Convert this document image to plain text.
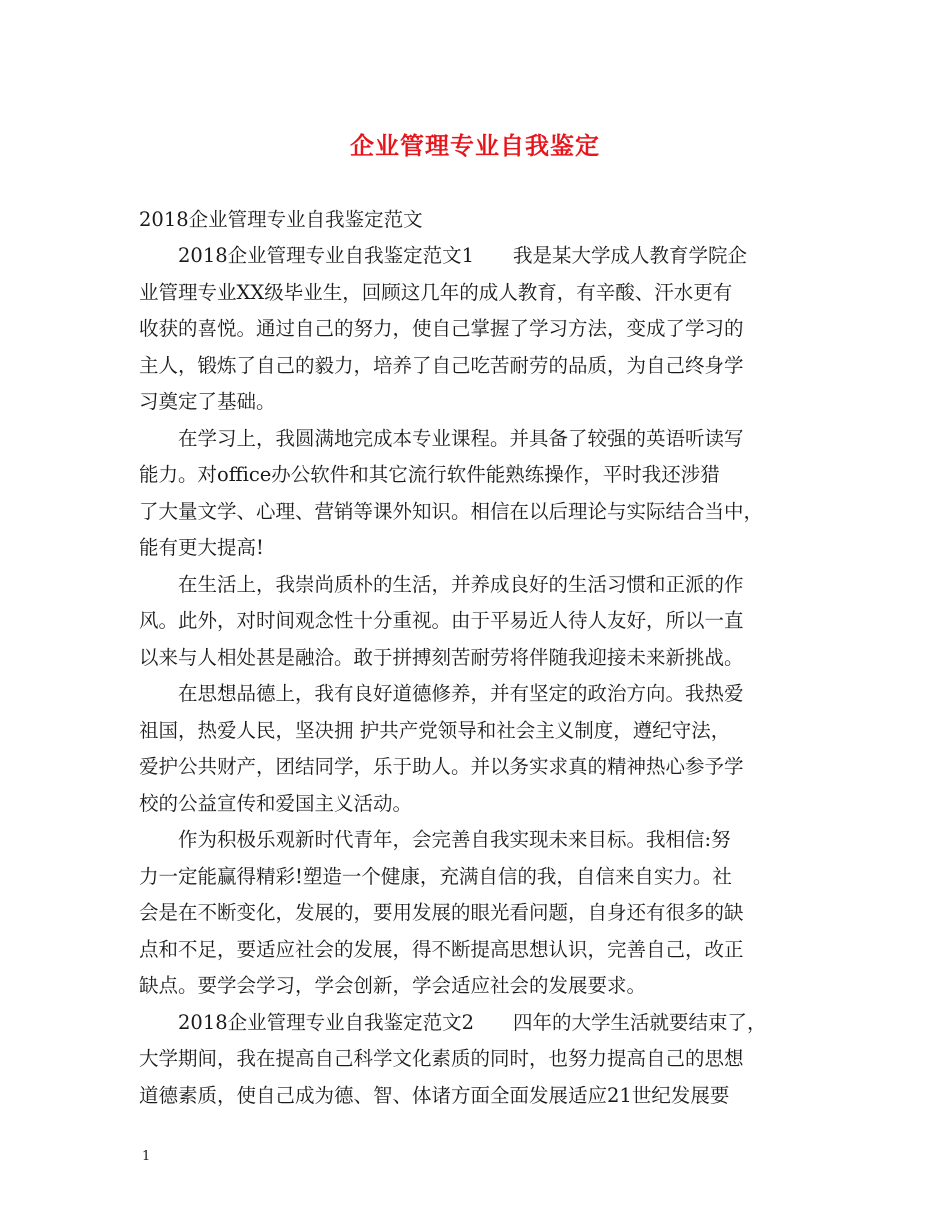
企业管理专业自我鉴定
2018企业管理专业自我鉴定范文
　　2018企业管理专业自我鉴定范文1　　我是某大学成人教育学院企
业管理专业XX级毕业生，回顾这几年的成人教育，有辛酸、汗水更有
收获的喜悦。通过自己的努力，使自己掌握了学习方法，变成了学习的
主人，锻炼了自己的毅力，培养了自己吃苦耐劳的品质，为自己终身学
习奠定了基础。
　　在学习上，我圆满地完成本专业课程。并具备了较强的英语听读写
能力。对office办公软件和其它流行软件能熟练操作，平时我还涉猎
了大量文学、心理、营销等课外知识。相信在以后理论与实际结合当中，
能有更大提高!
　　在生活上，我崇尚质朴的生活，并养成良好的生活习惯和正派的作
风。此外，对时间观念性十分重视。由于平易近人待人友好，所以一直
以来与人相处甚是融洽。敢于拼搏刻苦耐劳将伴随我迎接未来新挑战。
　　在思想品德上，我有良好道德修养，并有坚定的政治方向。我热爱
祖国，热爱人民，坚决拥 护共产党领导和社会主义制度，遵纪守法，
爱护公共财产，团结同学，乐于助人。并以务实求真的精神热心参予学
校的公益宣传和爱国主义活动。
　　作为积极乐观新时代青年，会完善自我实现未来目标。我相信:努
力一定能赢得精彩!塑造一个健康，充满自信的我，自信来自实力。社
会是在不断变化，发展的，要用发展的眼光看问题，自身还有很多的缺
点和不足，要适应社会的发展，得不断提高思想认识，完善自己，改正
缺点。要学会学习，学会创新，学会适应社会的发展要求。
　　2018企业管理专业自我鉴定范文2　　四年的大学生活就要结束了，
大学期间，我在提高自己科学文化素质的同时，也努力提高自己的思想
道德素质，使自己成为德、智、体诸方面全面发展适应21世纪发展要
1
